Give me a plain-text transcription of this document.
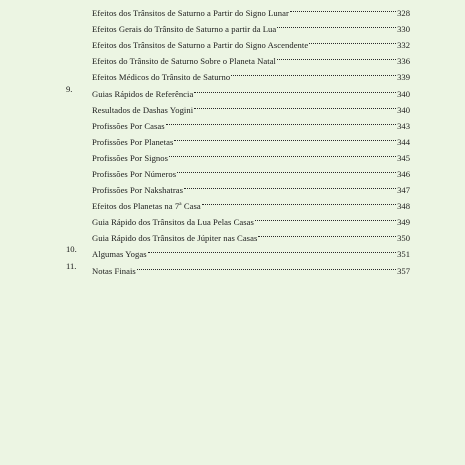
Efeitos dos Trânsitos de Saturno a Partir do Signo Lunar	328
Efeitos Gerais do Trânsito de Saturno a partir da Lua	330
Efeitos dos Trânsitos de Saturno a Partir do Signo Ascendente	332
Efeitos do Trânsito de Saturno Sobre o Planeta Natal	336
Efeitos Médicos do Trânsito de Saturno	339
9.	Guias Rápidos de Referência	340
Resultados de Dashas Yogini	340
Profissões Por Casas	343
Profissões Por Planetas	344
Profissões Por Signos	345
Profissões Por Números	346
Profissões Por Nakshatras	347
Efeitos dos Planetas na 7$^a$ Casa	348
Guia Rápido dos Trânsitos da Lua Pelas Casas	349
Guia Rápido dos Trânsitos de Júpiter nas Casas	350
10.	Algumas Yogas	351
11.	Notas Finais	357
